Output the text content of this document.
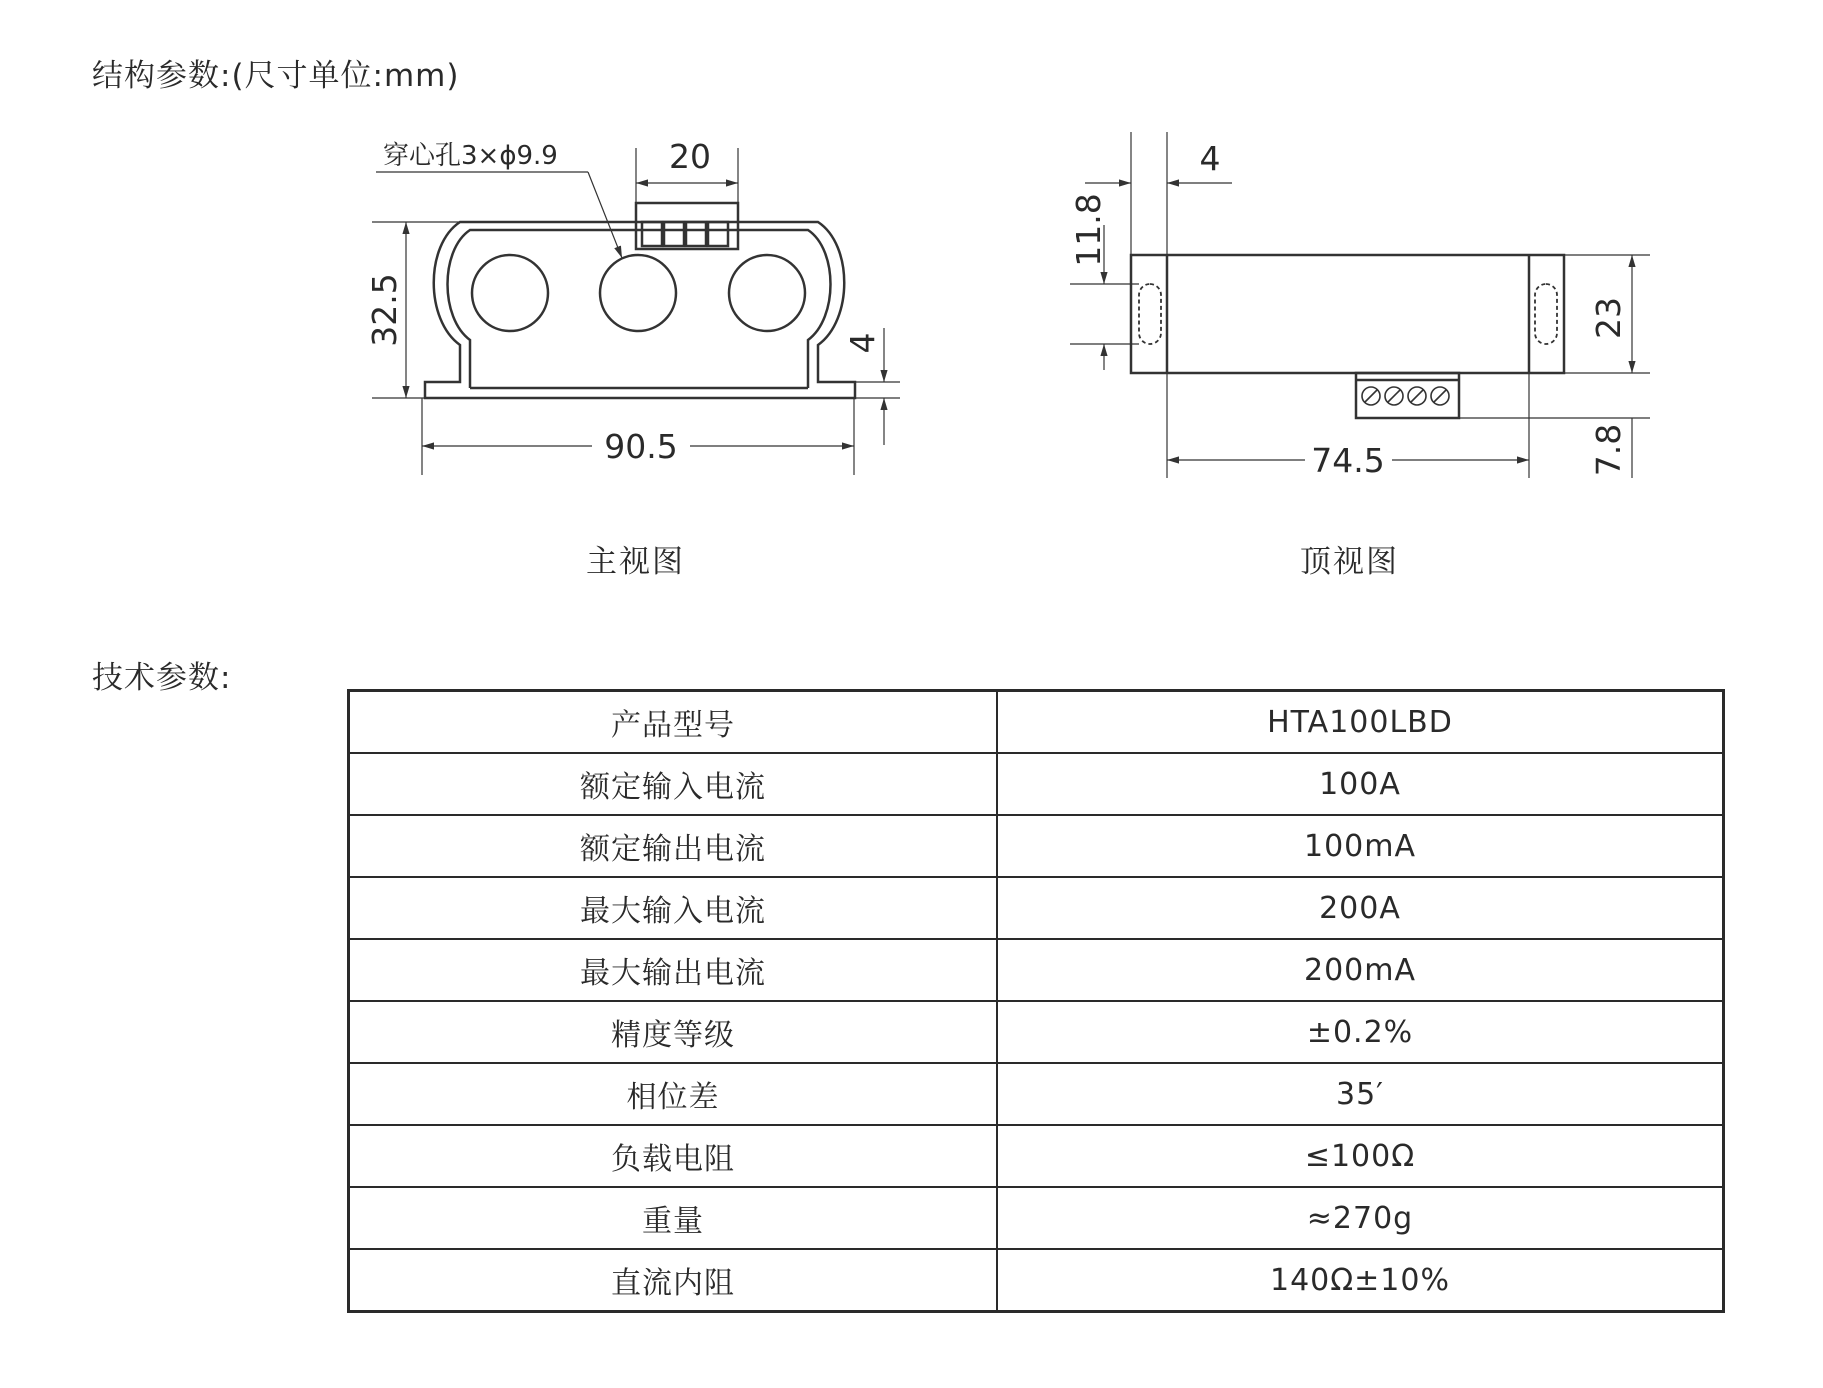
结构参数:(尺寸单位:mm)
穿心孔3×ϕ9.9	20
32.5	4
90.5
4
11.8
23
7.8
74.5
主视图	顶视图
技术参数:
产品型号	HTA100LBD
额定输入电流	100A
额定输出电流	100mA
最大输入电流	200A
最大输出电流	200mA
精度等级	±0.2%
相位差	35′
负载电阻	≤100Ω
重量	≈270g
直流内阻	140Ω±10%
